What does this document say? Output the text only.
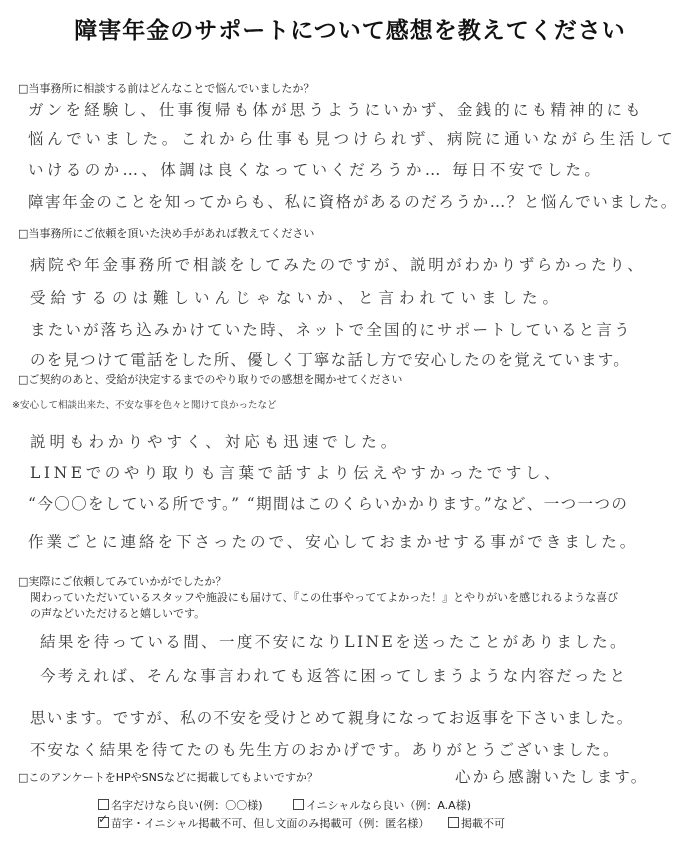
障害年金のサポートについて感想を教えてください
□当事務所に相談する前はどんなことで悩んでいましたか？
ガンを経験し、仕事復帰も体が思うようにいかず、金銭的にも精神的にも
悩んでいました。これから仕事も見つけられず、病院に通いながら生活して
いけるのか…、体調は良くなっていくだろうか… 毎日不安でした。
障害年金のことを知ってからも、私に資格があるのだろうか…？と悩んでいました。
□当事務所にご依頼を頂いた決め手があれば教えてください
病院や年金事務所で相談をしてみたのですが、説明がわかりずらかったり、
受給するのは難しいんじゃないか、と言われていました。
またいが落ち込みかけていた時、ネットで全国的にサポートしていると言う
のを見つけて電話をした所、優しく丁寧な話し方で安心したのを覚えています。
□ご契約のあと、受給が決定するまでのやり取りでの感想を聞かせてください
※安心して相談出来た、不安な事を色々と聞けて良かったなど
説明もわかりやすく、対応も迅速でした。
LINEでのやり取りも言葉で話すより伝えやすかったですし、
“今〇〇をしている所です。” “期間はこのくらいかかります。”など、一つ一つの
作業ごとに連絡を下さったので、安心しておまかせする事ができました。
□実際にご依頼してみていかがでしたか？
関わっていただいているスタッフや施設にも届けて、『この仕事やっててよかった！』とやりがいを感じれるような喜び
の声などいただけると嬉しいです。
結果を待っている間、一度不安になりLINEを送ったことがありました。
今考えれば、そんな事言われても返答に困ってしまうような内容だったと
思います。ですが、私の不安を受けとめて親身になってお返事を下さいました。
不安なく結果を待てたのも先生方のおかげです。ありがとうございました。
心から感謝いたします。
□このアンケートをHPやSNSなどに掲載してもよいですか？
名字だけなら良い(例：〇〇様)	イニシャルなら良い（例：A.A様)
✓ 苗字・イニシャル掲載不可、但し文面のみ掲載可（例：匿名様）	掲載不可
